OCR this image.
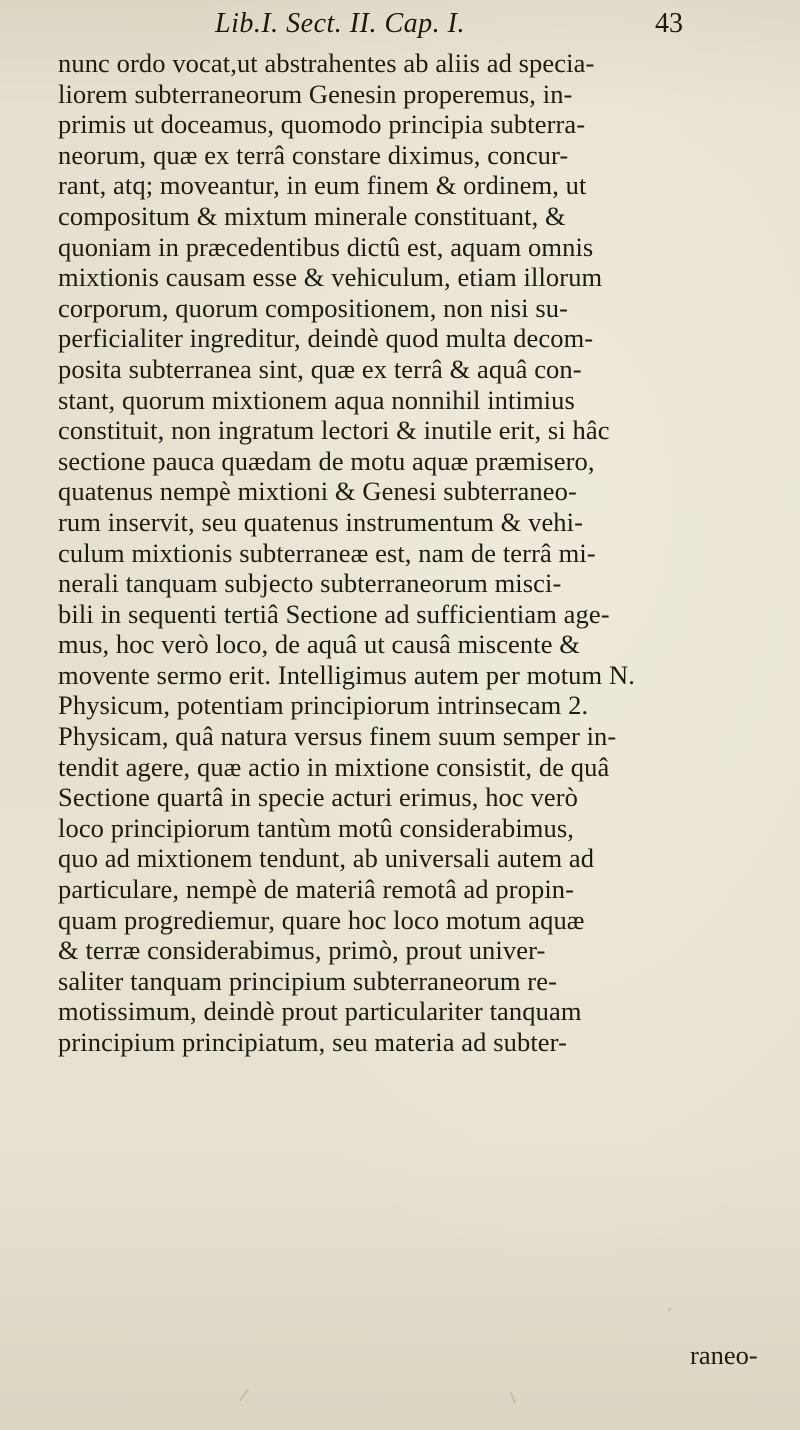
Lib.I. Sect. II. Cap. I.	43
nunc ordo vocat,ut abstrahentes ab aliis ad specia-
liorem subterraneorum Genesin properemus, in-
primis ut doceamus, quomodo principia subterra-
neorum, quæ ex terrâ constare diximus, concur-
rant, atq; moveantur, in eum finem & ordinem, ut
compositum & mixtum minerale constituant, &
quoniam in præcedentibus dictû est, aquam omnis
mixtionis causam esse & vehiculum, etiam illorum
corporum, quorum compositionem, non nisi su-
perficialiter ingreditur, deindè quod multa decom-
posita subterranea sint, quæ ex terrâ & aquâ con-
stant, quorum mixtionem aqua nonnihil intimius
constituit, non ingratum lectori & inutile erit, si hâc
sectione pauca quædam de motu aquæ præmisero,
quatenus nempè mixtioni & Genesi subterraneo-
rum inservit, seu quatenus instrumentum & vehi-
culum mixtionis subterraneæ est, nam de terrâ mi-
nerali tanquam subjecto subterraneorum misci-
bili in sequenti tertiâ Sectione ad sufficientiam age-
mus, hoc verò loco, de aquâ ut causâ miscente &
movente sermo erit. Intelligimus autem per motum N.
Physicum, potentiam principiorum intrinsecam 2.
Physicam, quâ natura versus finem suum semper in-
tendit agere, quæ actio in mixtione consistit, de quâ
Sectione quartâ in specie acturi erimus, hoc verò
loco principiorum tantùm motû considerabimus,
quo ad mixtionem tendunt, ab universali autem ad
particulare, nempè de materiâ remotâ ad propin-
quam progrediemur, quare hoc loco motum aquæ
& terræ considerabimus, primò, prout univer-
saliter tanquam principium subterraneorum re-
motissimum, deindè prout particulariter tanquam
principium principiatum, seu materia ad subter-
raneo-
